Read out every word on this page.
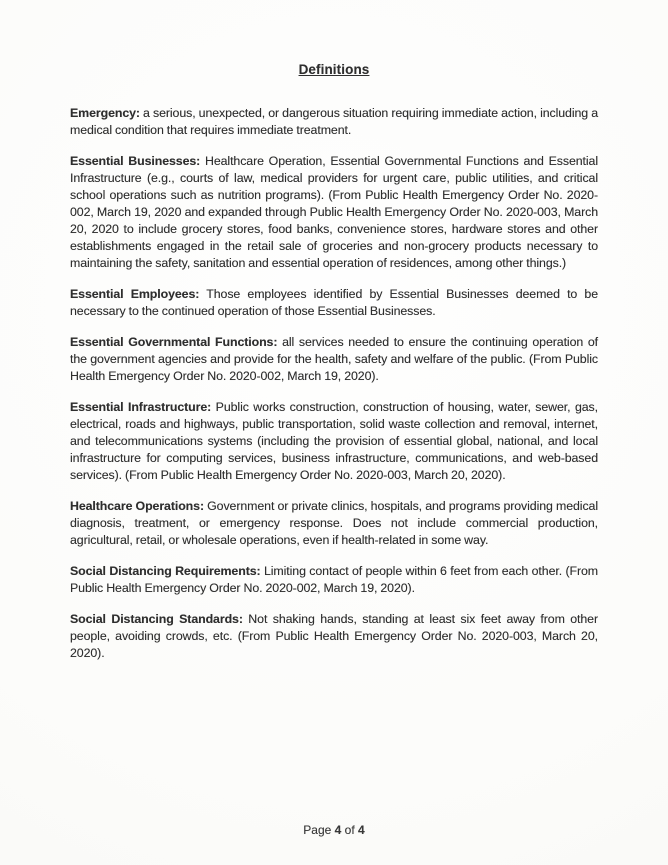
Definitions

Emergency: a serious, unexpected, or dangerous situation requiring immediate action, including a medical condition that requires immediate treatment.

Essential Businesses: Healthcare Operation, Essential Governmental Functions and Essential Infrastructure (e.g., courts of law, medical providers for urgent care, public utilities, and critical school operations such as nutrition programs). (From Public Health Emergency Order No. 2020-002, March 19, 2020 and expanded through Public Health Emergency Order No. 2020-003, March 20, 2020 to include grocery stores, food banks, convenience stores, hardware stores and other establishments engaged in the retail sale of groceries and non-grocery products necessary to maintaining the safety, sanitation and essential operation of residences, among other things.)

Essential Employees: Those employees identified by Essential Businesses deemed to be necessary to the continued operation of those Essential Businesses.

Essential Governmental Functions: all services needed to ensure the continuing operation of the government agencies and provide for the health, safety and welfare of the public. (From Public Health Emergency Order No. 2020-002, March 19, 2020).

Essential Infrastructure: Public works construction, construction of housing, water, sewer, gas, electrical, roads and highways, public transportation, solid waste collection and removal, internet, and telecommunications systems (including the provision of essential global, national, and local infrastructure for computing services, business infrastructure, communications, and web-based services). (From Public Health Emergency Order No. 2020-003, March 20, 2020).

Healthcare Operations: Government or private clinics, hospitals, and programs providing medical diagnosis, treatment, or emergency response. Does not include commercial production, agricultural, retail, or wholesale operations, even if health-related in some way.

Social Distancing Requirements: Limiting contact of people within 6 feet from each other. (From Public Health Emergency Order No. 2020-002, March 19, 2020).

Social Distancing Standards: Not shaking hands, standing at least six feet away from other people, avoiding crowds, etc. (From Public Health Emergency Order No. 2020-003, March 20, 2020).

Page 4 of 4
